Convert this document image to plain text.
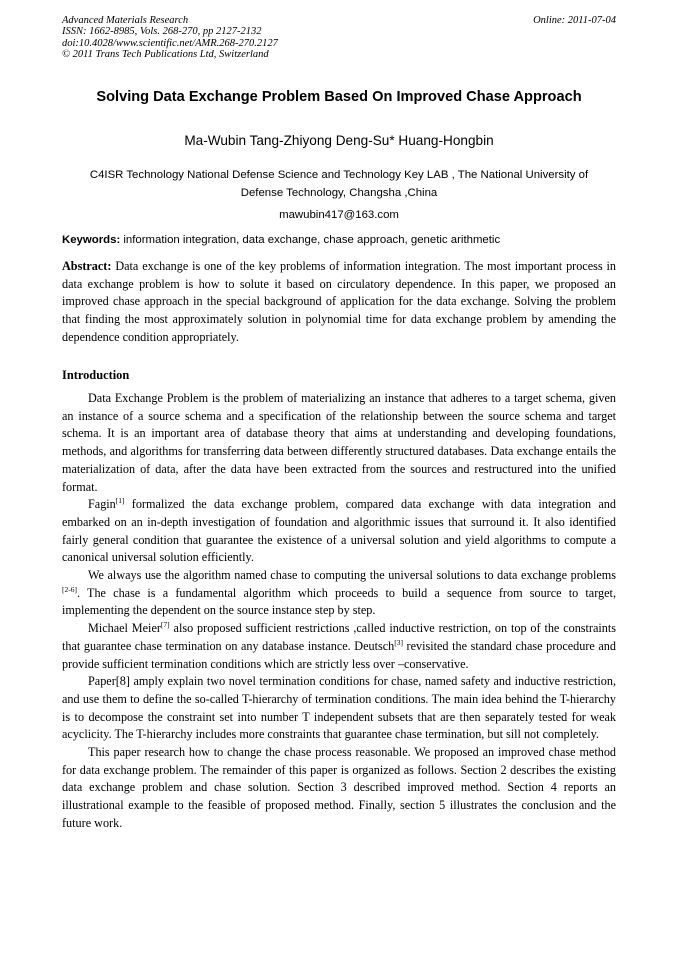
Advanced Materials Research
ISSN: 1662-8985, Vols. 268-270, pp 2127-2132
doi:10.4028/www.scientific.net/AMR.268-270.2127
© 2011 Trans Tech Publications Ltd, Switzerland
Online: 2011-07-04
Solving Data Exchange Problem Based On Improved Chase Approach
Ma-Wubin Tang-Zhiyong Deng-Su* Huang-Hongbin
C4ISR Technology National Defense Science and Technology Key LAB , The National University of
Defense Technology, Changsha ,China
mawubin417@163.com
Keywords: information integration, data exchange, chase approach, genetic arithmetic
Abstract: Data exchange is one of the key problems of information integration. The most important process in data exchange problem is how to solute it based on circulatory dependence. In this paper, we proposed an improved chase approach in the special background of application for the data exchange. Solving the problem that finding the most approximately solution in polynomial time for data exchange problem by amending the dependence condition appropriately.
Introduction

Data Exchange Problem is the problem of materializing an instance that adheres to a target schema, given an instance of a source schema and a specification of the relationship between the source schema and target schema. It is an important area of database theory that aims at understanding and developing foundations, methods, and algorithms for transferring data between differently structured databases. Data exchange entails the materialization of data, after the data have been extracted from the sources and restructured into the unified format.

Fagin[1] formalized the data exchange problem, compared data exchange with data integration and embarked on an in-depth investigation of foundation and algorithmic issues that surround it. It also identified fairly general condition that guarantee the existence of a universal solution and yield algorithms to compute a canonical universal solution efficiently.

We always use the algorithm named chase to computing the universal solutions to data exchange problems [2-6]. The chase is a fundamental algorithm which proceeds to build a sequence from source to target, implementing the dependent on the source instance step by step.

Michael Meier[7] also proposed sufficient restrictions ,called inductive restriction, on top of the constraints that guarantee chase termination on any database instance. Deutsch[3] revisited the standard chase procedure and provide sufficient termination conditions which are strictly less over –conservative.

Paper[8] amply explain two novel termination conditions for chase, named safety and inductive restriction, and use them to define the so-called T-hierarchy of termination conditions. The main idea behind the T-hierarchy is to decompose the constraint set into number T independent subsets that are then separately tested for weak acyclicity. The T-hierarchy includes more constraints that guarantee chase termination, but sill not completely.

This paper research how to change the chase process reasonable. We proposed an improved chase method for data exchange problem. The remainder of this paper is organized as follows. Section 2 describes the existing data exchange problem and chase solution. Section 3 described improved method. Section 4 reports an illustrational example to the feasible of proposed method. Finally, section 5 illustrates the conclusion and the future work.
